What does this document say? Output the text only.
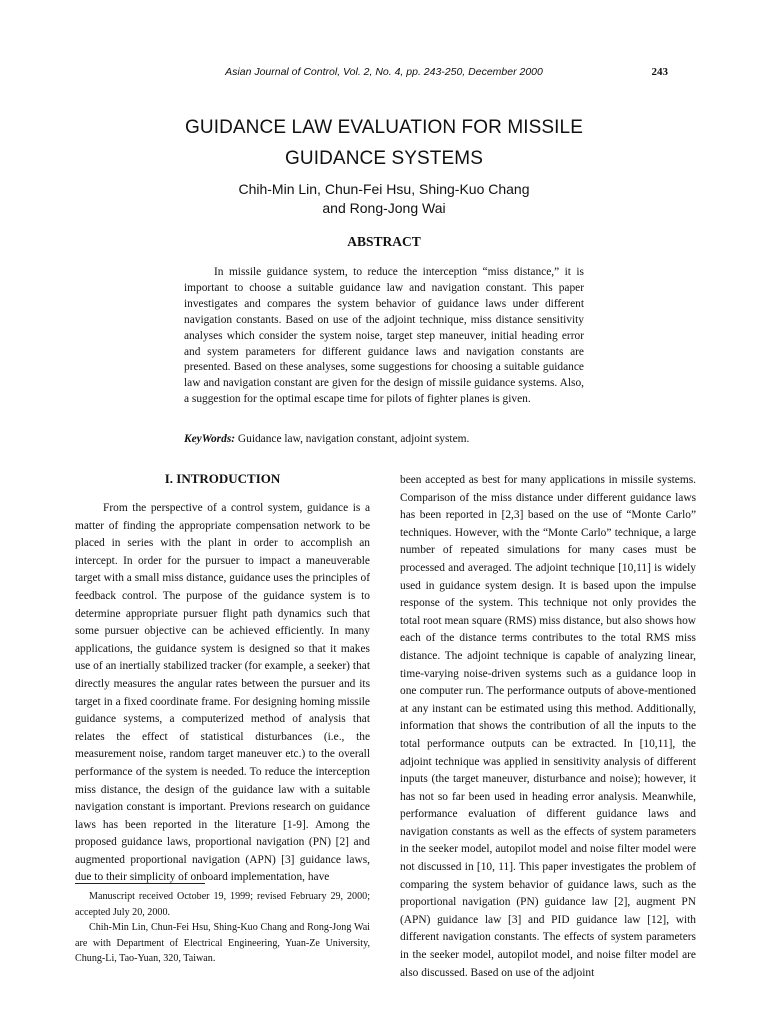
Asian Journal of Control, Vol. 2, No. 4, pp. 243-250, December 2000	243
GUIDANCE LAW EVALUATION FOR MISSILE
GUIDANCE SYSTEMS
Chih-Min Lin, Chun-Fei Hsu, Shing-Kuo Chang
and Rong-Jong Wai
ABSTRACT
In missile guidance system, to reduce the interception “miss distance,” it is important to choose a suitable guidance law and navigation constant. This paper investigates and compares the system behavior of guidance laws under different navigation constants. Based on use of the adjoint technique, miss distance sensitivity analyses which consider the system noise, target step maneuver, initial heading error and system parameters for different guidance laws and navigation constants are presented. Based on these analyses, some suggestions for choosing a suitable guidance law and navigation constant are given for the design of missile guidance systems. Also, a suggestion for the optimal escape time for pilots of fighter planes is given.
KeyWords: Guidance law, navigation constant, adjoint system.
I. INTRODUCTION

From the perspective of a control system, guidance is a matter of finding the appropriate compensation network to be placed in series with the plant in order to accomplish an intercept. In order for the pursuer to impact a maneuverable target with a small miss distance, guidance uses the principles of feedback control. The purpose of the guidance system is to determine appropriate pursuer flight path dynamics such that some pursuer objective can be achieved efficiently. In many applications, the guidance system is designed so that it makes use of an inertially stabilized tracker (for example, a seeker) that directly measures the angular rates between the pursuer and its target in a fixed coordinate frame. For designing homing missile guidance systems, a computerized method of analysis that relates the effect of statistical disturbances (i.e., the measurement noise, random target maneuver etc.) to the overall performance of the system is needed. To reduce the interception miss distance, the design of the guidance law with a suitable navigation constant is important. Previons research on guidance laws has been reported in the literature [1-9]. Among the proposed guidance laws, proportional navigation (PN) [2] and augmented proportional navigation (APN) [3] guidance laws, due to their simplicity of onboard implementation, have

been accepted as best for many applications in missile systems. Comparison of the miss distance under different guidance laws has been reported in [2,3] based on the use of “Monte Carlo” techniques. However, with the “Monte Carlo” technique, a large number of repeated simulations for many cases must be processed and averaged. The adjoint technique [10,11] is widely used in guidance system design. It is based upon the impulse response of the system. This technique not only provides the total root mean square (RMS) miss distance, but also shows how each of the distance terms contributes to the total RMS miss distance. The adjoint technique is capable of analyzing linear, time-varying noise-driven systems such as a guidance loop in one computer run. The performance outputs of above-mentioned at any instant can be estimated using this method. Additionally, information that shows the contribution of all the inputs to the total performance outputs can be extracted. In [10,11], the adjoint technique was applied in sensitivity analysis of different inputs (the target maneuver, disturbance and noise); however, it has not so far been used in heading error analysis. Meanwhile, performance evaluation of different guidance laws and navigation constants as well as the effects of system parameters in the seeker model, autopilot model and noise filter model were not discussed in [10, 11]. This paper investigates the problem of comparing the system behavior of guidance laws, such as the proportional navigation (PN) guidance law [2], augment PN (APN) guidance law [3] and PID guidance law [12], with different navigation constants. The effects of system parameters in the seeker model, autopilot model, and noise filter model are also discussed. Based on use of the adjoint

Manuscript received October 19, 1999; revised February 29, 2000; accepted July 20, 2000.

Chih-Min Lin, Chun-Fei Hsu, Shing-Kuo Chang and Rong-Jong Wai are with Department of Electrical Engineering, Yuan-Ze University, Chung-Li, Tao-Yuan, 320, Taiwan.
